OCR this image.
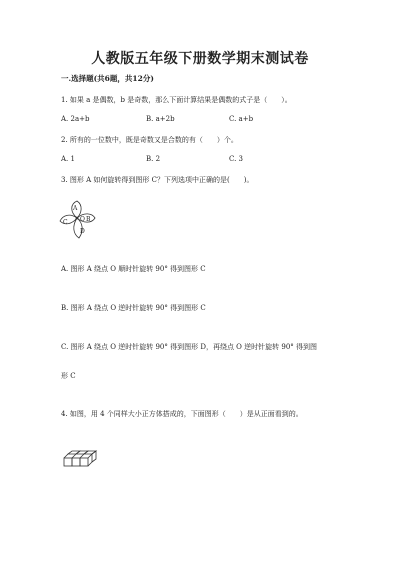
人教版五年级下册数学期末测试卷
一.选择题(共6题，共12分)
1. 如果 a 是偶数，b 是奇数，那么下面计算结果是偶数的式子是（　　）。
A. 2a+b	B. a+2b	C. a+b
2. 所有的一位数中，既是奇数又是合数的有（　　）个。
A. 1	B. 2	C. 3
3. 图形 A 如何旋转得到图形 C？下列选项中正确的是(　　)。
A
B
C
D
O
A. 图形 A 绕点 O 顺时针旋转 90° 得到图形 C
B. 图形 A 绕点 O 逆时针旋转 90° 得到图形 C
C. 图形 A 绕点 O 逆时针旋转 90° 得到图形 D，再绕点 O 逆时针旋转 90° 得到图
形 C
4. 如图，用 4 个同样大小正方体搭成的，下面图形（　　）是从正面看到的。
